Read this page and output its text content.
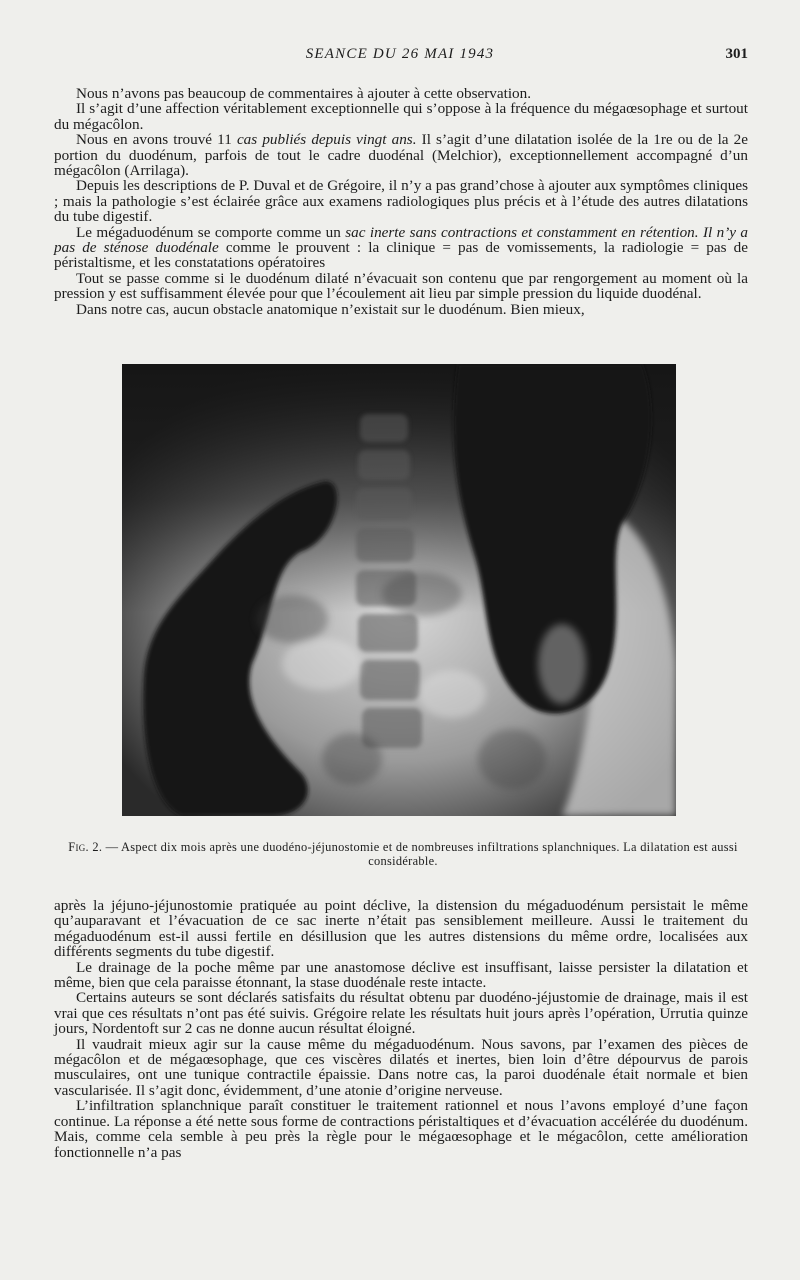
SEANCE DU 26 MAI 1943	301

Nous n’avons pas beaucoup de commentaires à ajouter à cette observation.

Il s’agit d’une affection véritablement exceptionnelle qui s’oppose à la fréquence du mégaœsophage et surtout du mégacôlon.

Nous en avons trouvé 11 cas publiés depuis vingt ans. Il s’agit d’une dilatation isolée de la 1re ou de la 2e portion du duodénum, parfois de tout le cadre duodénal (Melchior), exceptionnellement accompagné d’un mégacôlon (Arrilaga).

Depuis les descriptions de P. Duval et de Grégoire, il n’y a pas grand’chose à ajouter aux symptômes cliniques ; mais la pathologie s’est éclairée grâce aux examens radiologiques plus précis et à l’étude des autres dilatations du tube digestif.

Le mégaduodénum se comporte comme un sac inerte sans contractions et constamment en rétention. Il n’y a pas de sténose duodénale comme le prouvent : la clinique = pas de vomissements, la radiologie = pas de péristaltisme, et les constatations opératoires

Tout se passe comme si le duodénum dilaté n’évacuait son contenu que par rengorgement au moment où la pression y est suffisamment élevée pour que l’écoulement ait lieu par simple pression du liquide duodénal.

Dans notre cas, aucun obstacle anatomique n’existait sur le duodénum. Bien mieux,

Fig. 2. — Aspect dix mois après une duodéno-jéjunostomie et de nombreuses infiltrations splanchniques. La dilatation est aussi considérable.

après la jéjuno-jéjunostomie pratiquée au point déclive, la distension du mégaduodénum persistait le même qu’auparavant et l’évacuation de ce sac inerte n’était pas sensiblement meilleure. Aussi le traitement du mégaduodénum est-il aussi fertile en désillusion que les autres distensions du même ordre, localisées aux différents segments du tube digestif.

Le drainage de la poche même par une anastomose déclive est insuffisant, laisse persister la dilatation et même, bien que cela paraisse étonnant, la stase duodénale reste intacte.

Certains auteurs se sont déclarés satisfaits du résultat obtenu par duodéno-jéjustomie de drainage, mais il est vrai que ces résultats n’ont pas été suivis. Grégoire relate les résultats huit jours après l’opération, Urrutia quinze jours, Nordentoft sur 2 cas ne donne aucun résultat éloigné.

Il vaudrait mieux agir sur la cause même du mégaduodénum. Nous savons, par l’examen des pièces de mégacôlon et de mégaœsophage, que ces viscères dilatés et inertes, bien loin d’être dépourvus de parois musculaires, ont une tunique contractile épaissie. Dans notre cas, la paroi duodénale était normale et bien vascularisée. Il s’agit donc, évidemment, d’une atonie d’origine nerveuse.

L’infiltration splanchnique paraît constituer le traitement rationnel et nous l’avons employé d’une façon continue. La réponse a été nette sous forme de contractions péristaltiques et d’évacuation accélérée du duodénum. Mais, comme cela semble à peu près la règle pour le mégaœsophage et le mégacôlon, cette amélioration fonctionnelle n’a pas
